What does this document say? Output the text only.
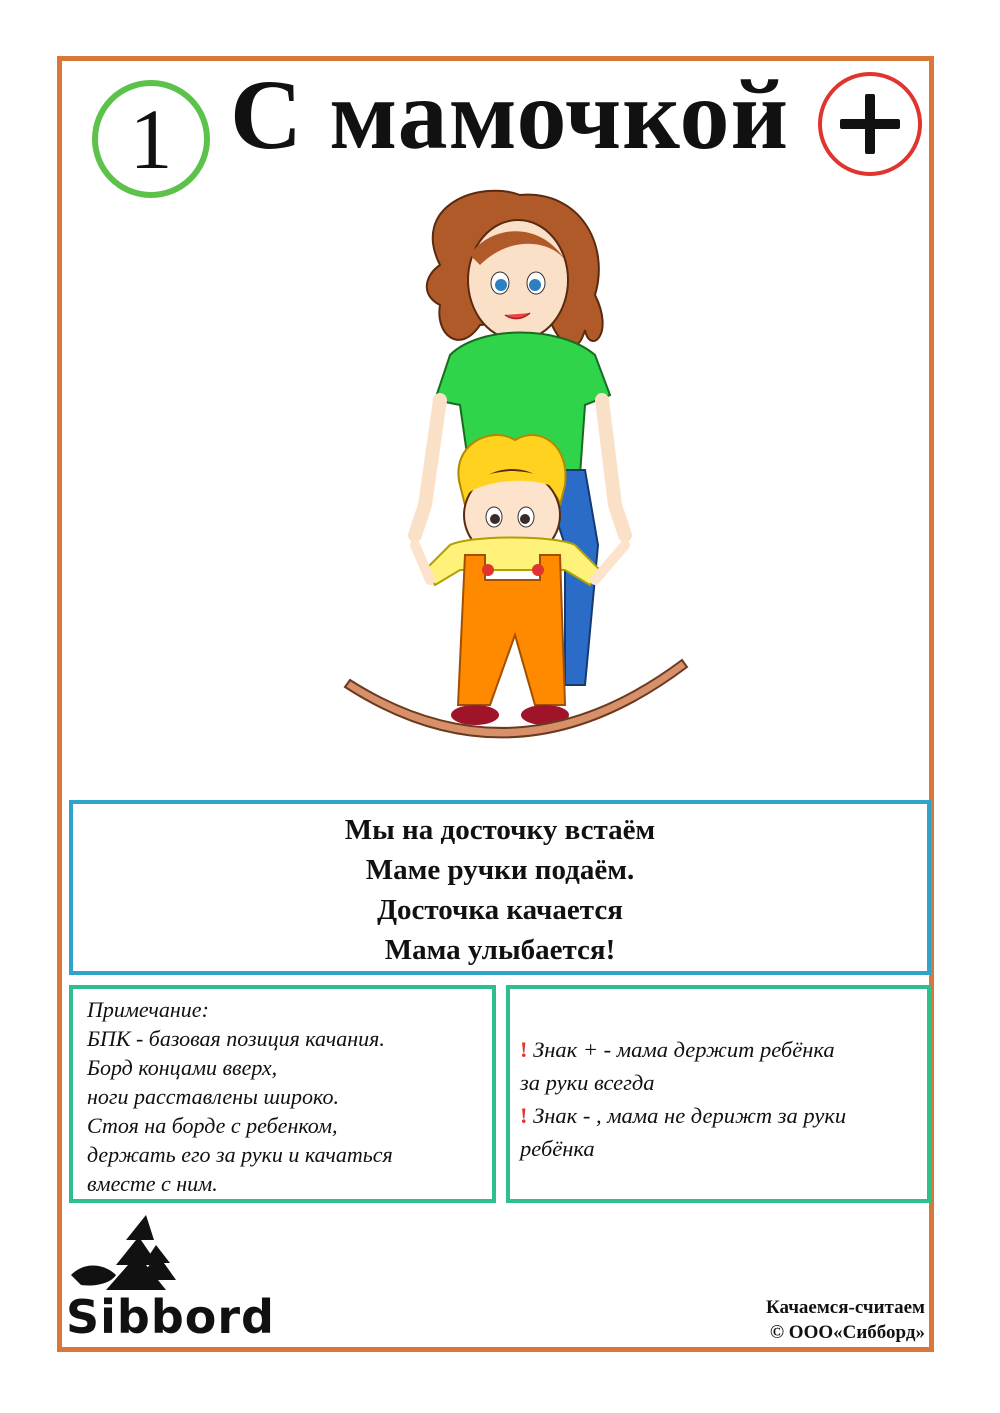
1 С мамочкой
Мы на досточку встаём
Маме ручки подаём.
Досточка качается
Мама улыбается!
Примечание:
БПК - базовая позиция качания.
Борд концами вверх,
ноги расставлены широко.
Стоя на борде с ребенком,
держать его за руки и качаться
вместе с ним.
! Знак + - мама держит ребёнка
за руки всегда
! Знак - , мама не дерижт за руки
ребёнка
Sibbord	Качаемся-считаем
© ООО«Сибборд»
